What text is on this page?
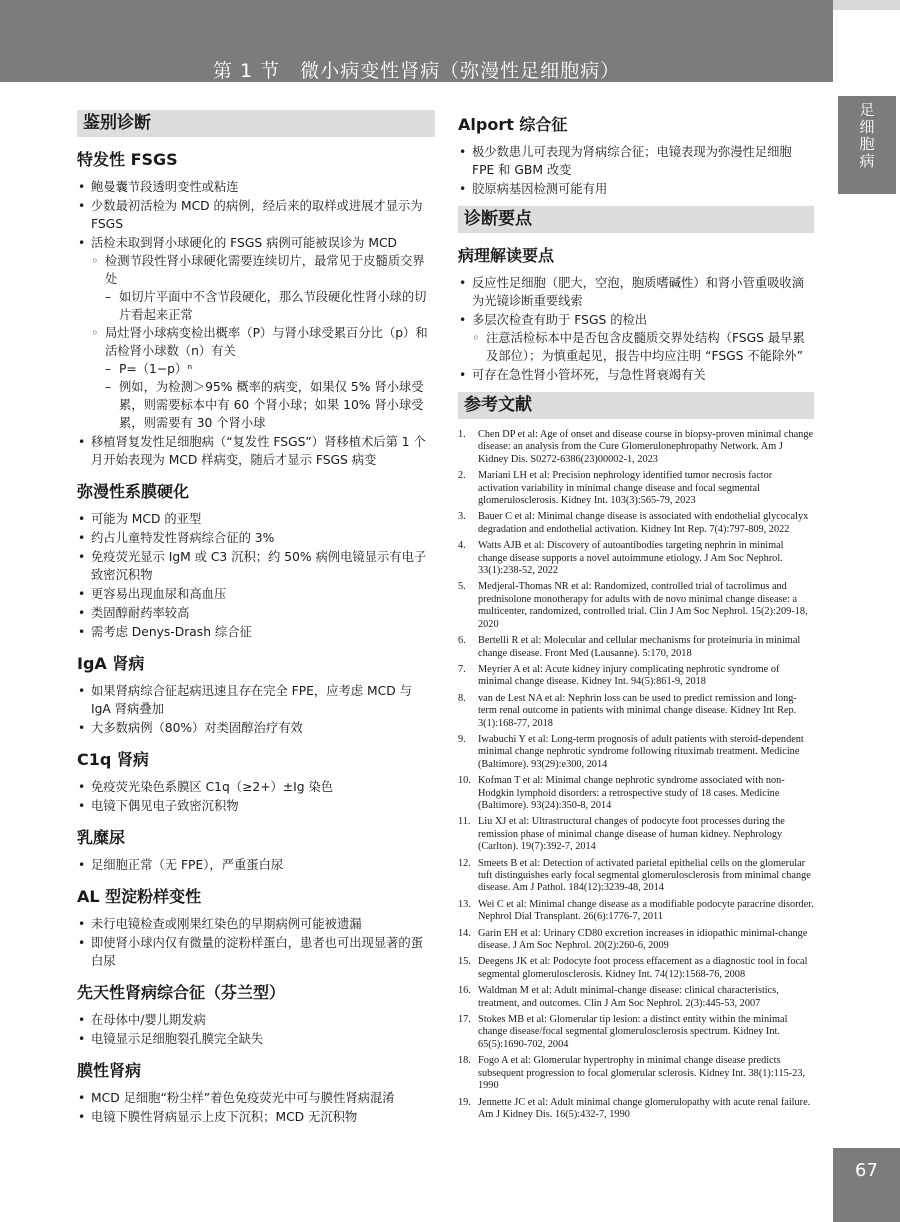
第 1 节　微小病变性肾病（弥漫性足细胞病）
足
细
胞
病
67
鉴别诊断
特发性 FSGS
• 鲍曼囊节段透明变性或粘连
• 少数最初活检为 MCD 的病例，经后来的取样或进展才显示为 FSGS
• 活检未取到肾小球硬化的 FSGS 病例可能被误诊为 MCD
◦ 检测节段性肾小球硬化需要连续切片，最常见于皮髓质交界处
– 如切片平面中不含节段硬化，那么节段硬化性肾小球的切片看起来正常
◦ 局灶肾小球病变检出概率（P）与肾小球受累百分比（p）和活检肾小球数（n）有关
– P=（1−p）ⁿ
– 例如，为检测＞95% 概率的病变，如果仅 5% 肾小球受累，则需要标本中有 60 个肾小球；如果 10% 肾小球受累，则需要有 30 个肾小球
• 移植肾复发性足细胞病（“复发性 FSGS”）肾移植术后第 1 个月开始表现为 MCD 样病变，随后才显示 FSGS 病变
弥漫性系膜硬化
• 可能为 MCD 的亚型
• 约占儿童特发性肾病综合征的 3%
• 免疫荧光显示 IgM 或 C3 沉积；约 50% 病例电镜显示有电子致密沉积物
• 更容易出现血尿和高血压
• 类固醇耐药率较高
• 需考虑 Denys-Drash 综合征
IgA 肾病
• 如果肾病综合征起病迅速且存在完全 FPE，应考虑 MCD 与 IgA 肾病叠加
• 大多数病例（80%）对类固醇治疗有效
C1q 肾病
• 免疫荧光染色系膜区 C1q（≥2+）±Ig 染色
• 电镜下偶见电子致密沉积物
乳糜尿
• 足细胞正常（无 FPE），严重蛋白尿
AL 型淀粉样变性
• 未行电镜检查或刚果红染色的早期病例可能被遗漏
• 即使肾小球内仅有微量的淀粉样蛋白，患者也可出现显著的蛋白尿
先天性肾病综合征（芬兰型）
• 在母体中/婴儿期发病
• 电镜显示足细胞裂孔膜完全缺失
膜性肾病
• MCD 足细胞“粉尘样”着色免疫荧光中可与膜性肾病混淆
• 电镜下膜性肾病显示上皮下沉积；MCD 无沉积物
Alport 综合征
• 极少数患儿可表现为肾病综合征；电镜表现为弥漫性足细胞 FPE 和 GBM 改变
• 胶原病基因检测可能有用
诊断要点
病理解读要点
• 反应性足细胞（肥大，空泡，胞质嗜碱性）和肾小管重吸收滴为光镜诊断重要线索
• 多层次检查有助于 FSGS 的检出
◦ 注意活检标本中是否包含皮髓质交界处结构（FSGS 最早累及部位）；为慎重起见，报告中均应注明 “FSGS 不能除外”
• 可存在急性肾小管坏死，与急性肾衰竭有关
参考文献
1. Chen DP et al: Age of onset and disease course in biopsy-proven minimal change disease: an analysis from the Cure Glomerulonephropathy Network. Am J Kidney Dis. S0272-6386(23)00002-1, 2023
2. Mariani LH et al: Precision nephrology identified tumor necrosis factor activation variability in minimal change disease and focal segmental glomerulosclerosis. Kidney Int. 103(3):565-79, 2023
3. Bauer C et al: Minimal change disease is associated with endothelial glycocalyx degradation and endothelial activation. Kidney Int Rep. 7(4):797-809, 2022
4. Watts AJB et al: Discovery of autoantibodies targeting nephrin in minimal change disease supports a novel autoimmune etiology. J Am Soc Nephrol. 33(1):238-52, 2022
5. Medjeral-Thomas NR et al: Randomized, controlled trial of tacrolimus and prednisolone monotherapy for adults with de novo minimal change disease: a multicenter, randomized, controlled trial. Clin J Am Soc Nephrol. 15(2):209-18, 2020
6. Bertelli R et al: Molecular and cellular mechanisms for proteinuria in minimal change disease. Front Med (Lausanne). 5:170, 2018
7. Meyrier A et al: Acute kidney injury complicating nephrotic syndrome of minimal change disease. Kidney Int. 94(5):861-9, 2018
8. van de Lest NA et al: Nephrin loss can be used to predict remission and long-term renal outcome in patients with minimal change disease. Kidney Int Rep. 3(1):168-77, 2018
9. Iwabuchi Y et al: Long-term prognosis of adult patients with steroid-dependent minimal change nephrotic syndrome following rituximab treatment. Medicine (Baltimore). 93(29):e300, 2014
10. Kofman T et al: Minimal change nephrotic syndrome associated with non-Hodgkin lymphoid disorders: a retrospective study of 18 cases. Medicine (Baltimore). 93(24):350-8, 2014
11. Liu XJ et al: Ultrastructural changes of podocyte foot processes during the remission phase of minimal change disease of human kidney. Nephrology (Carlton). 19(7):392-7, 2014
12. Smeets B et al: Detection of activated parietal epithelial cells on the glomerular tuft distinguishes early focal segmental glomerulosclerosis from minimal change disease. Am J Pathol. 184(12):3239-48, 2014
13. Wei C et al: Minimal change disease as a modifiable podocyte paracrine disorder. Nephrol Dial Transplant. 26(6):1776-7, 2011
14. Garin EH et al: Urinary CD80 excretion increases in idiopathic minimal-change disease. J Am Soc Nephrol. 20(2):260-6, 2009
15. Deegens JK et al: Podocyte foot process effacement as a diagnostic tool in focal segmental glomerulosclerosis. Kidney Int. 74(12):1568-76, 2008
16. Waldman M et al: Adult minimal-change disease: clinical characteristics, treatment, and outcomes. Clin J Am Soc Nephrol. 2(3):445-53, 2007
17. Stokes MB et al: Glomerular tip lesion: a distinct entity within the minimal change disease/focal segmental glomerulosclerosis spectrum. Kidney Int. 65(5):1690-702, 2004
18. Fogo A et al: Glomerular hypertrophy in minimal change disease predicts subsequent progression to focal glomerular sclerosis. Kidney Int. 38(1):115-23, 1990
19. Jennette JC et al: Adult minimal change glomerulopathy with acute renal failure. Am J Kidney Dis. 16(5):432-7, 1990
